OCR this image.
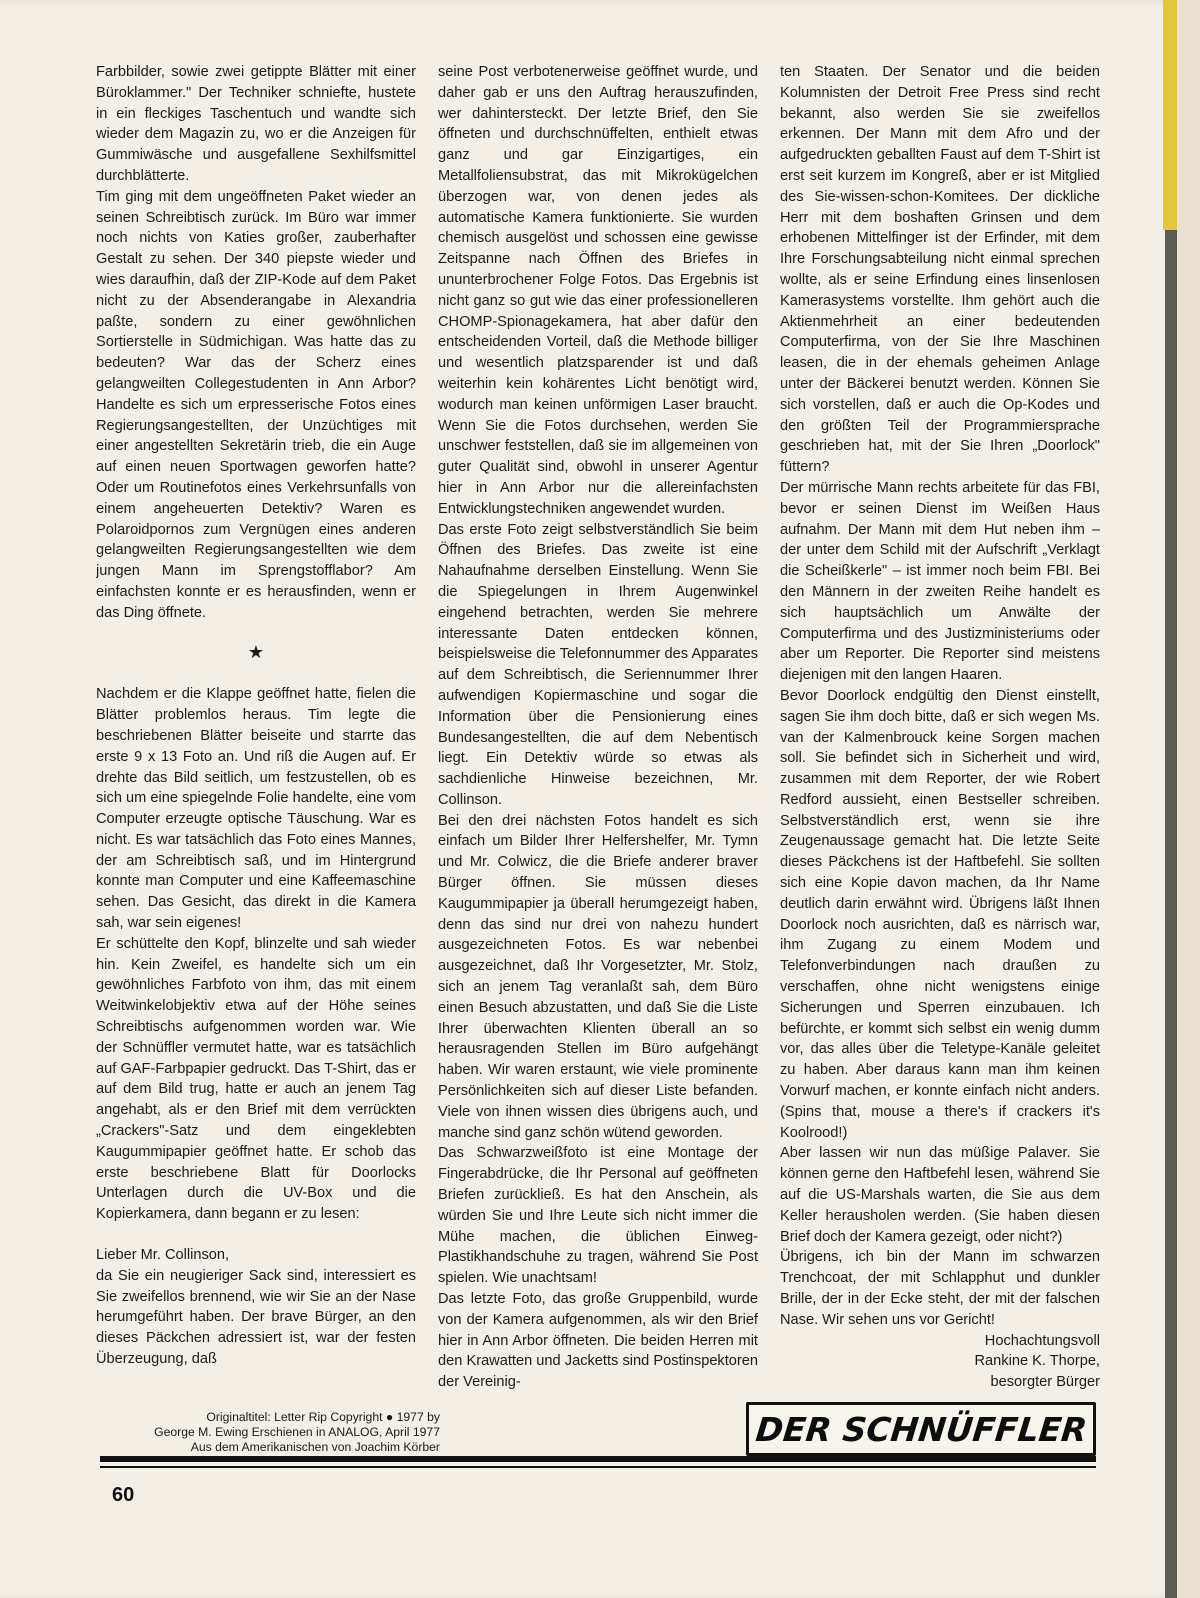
Farbbilder, sowie zwei getippte Blätter mit einer Büroklammer." Der Techniker schniefte, hustete in ein fleckiges Taschentuch und wandte sich wieder dem Magazin zu, wo er die Anzeigen für Gummiwäsche und ausgefallene Sexhilfsmittel durchblätterte.

Tim ging mit dem ungeöffneten Paket wieder an seinen Schreibtisch zurück. Im Büro war immer noch nichts von Katies großer, zauberhafter Gestalt zu sehen. Der 340 piepste wieder und wies daraufhin, daß der ZIP-Kode auf dem Paket nicht zu der Absenderangabe in Alexandria paßte, sondern zu einer gewöhnlichen Sortierstelle in Südmichigan. Was hatte das zu bedeuten? War das der Scherz eines gelangweilten Collegestudenten in Ann Arbor? Handelte es sich um erpresserische Fotos eines Regierungsangestellten, der Unzüchtiges mit einer angestellten Sekretärin trieb, die ein Auge auf einen neuen Sportwagen geworfen hatte? Oder um Routinefotos eines Verkehrsunfalls von einem angeheuerten Detektiv? Waren es Polaroidpornos zum Vergnügen eines anderen gelangweilten Regierungsangestellten wie dem jungen Mann im Sprengstofflabor? Am einfachsten konnte er es herausfinden, wenn er das Ding öffnete.

★

Nachdem er die Klappe geöffnet hatte, fielen die Blätter problemlos heraus. Tim legte die beschriebenen Blätter beiseite und starrte das erste 9 x 13 Foto an. Und riß die Augen auf. Er drehte das Bild seitlich, um festzustellen, ob es sich um eine spiegelnde Folie handelte, eine vom Computer erzeugte optische Täuschung. War es nicht. Es war tatsächlich das Foto eines Mannes, der am Schreibtisch saß, und im Hintergrund konnte man Computer und eine Kaffeemaschine sehen. Das Gesicht, das direkt in die Kamera sah, war sein eigenes!

Er schüttelte den Kopf, blinzelte und sah wieder hin. Kein Zweifel, es handelte sich um ein gewöhnliches Farbfoto von ihm, das mit einem Weitwinkelobjektiv etwa auf der Höhe seines Schreibtischs aufgenommen worden war. Wie der Schnüffler vermutet hatte, war es tatsächlich auf GAF-Farbpapier gedruckt. Das T-Shirt, das er auf dem Bild trug, hatte er auch an jenem Tag angehabt, als er den Brief mit dem verrückten „Crackers"-Satz und dem eingeklebten Kaugummipapier geöffnet hatte. Er schob das erste beschriebene Blatt für Doorlocks Unterlagen durch die UV-Box und die Kopierkamera, dann begann er zu lesen:

Lieber Mr. Collinson,

da Sie ein neugieriger Sack sind, interessiert es Sie zweifellos brennend, wie wir Sie an der Nase herumgeführt haben. Der brave Bürger, an den dieses Päckchen adressiert ist, war der festen Überzeugung, daß

seine Post verbotenerweise geöffnet wurde, und daher gab er uns den Auftrag herauszufinden, wer dahintersteckt. Der letzte Brief, den Sie öffneten und durchschnüffelten, enthielt etwas ganz und gar Einzigartiges, ein Metallfoliensubstrat, das mit Mikrokügelchen überzogen war, von denen jedes als automatische Kamera funktionierte. Sie wurden chemisch ausgelöst und schossen eine gewisse Zeitspanne nach Öffnen des Briefes in ununterbrochener Folge Fotos. Das Ergebnis ist nicht ganz so gut wie das einer professionelleren CHOMP-Spionagekamera, hat aber dafür den entscheidenden Vorteil, daß die Methode billiger und wesentlich platzsparender ist und daß weiterhin kein kohärentes Licht benötigt wird, wodurch man keinen unförmigen Laser braucht. Wenn Sie die Fotos durchsehen, werden Sie unschwer feststellen, daß sie im allgemeinen von guter Qualität sind, obwohl in unserer Agentur hier in Ann Arbor nur die allereinfachsten Entwicklungstechniken angewendet wurden.

Das erste Foto zeigt selbstverständlich Sie beim Öffnen des Briefes. Das zweite ist eine Nahaufnahme derselben Einstellung. Wenn Sie die Spiegelungen in Ihrem Augenwinkel eingehend betrachten, werden Sie mehrere interessante Daten entdecken können, beispielsweise die Telefonnummer des Apparates auf dem Schreibtisch, die Seriennummer Ihrer aufwendigen Kopiermaschine und sogar die Information über die Pensionierung eines Bundesangestellten, die auf dem Nebentisch liegt. Ein Detektiv würde so etwas als sachdienliche Hinweise bezeichnen, Mr. Collinson.

Bei den drei nächsten Fotos handelt es sich einfach um Bilder Ihrer Helfershelfer, Mr. Tymn und Mr. Colwicz, die die Briefe anderer braver Bürger öffnen. Sie müssen dieses Kaugummipapier ja überall herumgezeigt haben, denn das sind nur drei von nahezu hundert ausgezeichneten Fotos. Es war nebenbei ausgezeichnet, daß Ihr Vorgesetzter, Mr. Stolz, sich an jenem Tag veranlaßt sah, dem Büro einen Besuch abzustatten, und daß Sie die Liste Ihrer überwachten Klienten überall an so herausragenden Stellen im Büro aufgehängt haben. Wir waren erstaunt, wie viele prominente Persönlichkeiten sich auf dieser Liste befanden. Viele von ihnen wissen dies übrigens auch, und manche sind ganz schön wütend geworden.

Das Schwarzweißfoto ist eine Montage der Fingerabdrücke, die Ihr Personal auf geöffneten Briefen zurückließ. Es hat den Anschein, als würden Sie und Ihre Leute sich nicht immer die Mühe machen, die üblichen Einweg-Plastikhandschuhe zu tragen, während Sie Post spielen. Wie unachtsam!

Das letzte Foto, das große Gruppenbild, wurde von der Kamera aufgenommen, als wir den Brief hier in Ann Arbor öffneten. Die beiden Herren mit den Krawatten und Jacketts sind Postinspektoren der Vereinig-

ten Staaten. Der Senator und die beiden Kolumnisten der Detroit Free Press sind recht bekannt, also werden Sie sie zweifellos erkennen. Der Mann mit dem Afro und der aufgedruckten geballten Faust auf dem T-Shirt ist erst seit kurzem im Kongreß, aber er ist Mitglied des Sie-wissen-schon-Komitees. Der dickliche Herr mit dem boshaften Grinsen und dem erhobenen Mittelfinger ist der Erfinder, mit dem Ihre Forschungsabteilung nicht einmal sprechen wollte, als er seine Erfindung eines linsenlosen Kamerasystems vorstellte. Ihm gehört auch die Aktienmehrheit an einer bedeutenden Computerfirma, von der Sie Ihre Maschinen leasen, die in der ehemals geheimen Anlage unter der Bäckerei benutzt werden. Können Sie sich vorstellen, daß er auch die Op-Kodes und den größten Teil der Programmiersprache geschrieben hat, mit der Sie Ihren „Doorlock" füttern?

Der mürrische Mann rechts arbeitete für das FBI, bevor er seinen Dienst im Weißen Haus aufnahm. Der Mann mit dem Hut neben ihm – der unter dem Schild mit der Aufschrift „Verklagt die Scheißkerle" – ist immer noch beim FBI. Bei den Männern in der zweiten Reihe handelt es sich hauptsächlich um Anwälte der Computerfirma und des Justizministeriums oder aber um Reporter. Die Reporter sind meistens diejenigen mit den langen Haaren.

Bevor Doorlock endgültig den Dienst einstellt, sagen Sie ihm doch bitte, daß er sich wegen Ms. van der Kalmenbrouck keine Sorgen machen soll. Sie befindet sich in Sicherheit und wird, zusammen mit dem Reporter, der wie Robert Redford aussieht, einen Bestseller schreiben. Selbstverständlich erst, wenn sie ihre Zeugenaussage gemacht hat. Die letzte Seite dieses Päckchens ist der Haftbefehl. Sie sollten sich eine Kopie davon machen, da Ihr Name deutlich darin erwähnt wird. Übrigens läßt Ihnen Doorlock noch ausrichten, daß es närrisch war, ihm Zugang zu einem Modem und Telefonverbindungen nach draußen zu verschaffen, ohne nicht wenigstens einige Sicherungen und Sperren einzubauen. Ich befürchte, er kommt sich selbst ein wenig dumm vor, das alles über die Teletype-Kanäle geleitet zu haben. Aber daraus kann man ihm keinen Vorwurf machen, er konnte einfach nicht anders. (Spins that, mouse a there's if crackers it's Koolrood!)

Aber lassen wir nun das müßige Palaver. Sie können gerne den Haftbefehl lesen, während Sie auf die US-Marshals warten, die Sie aus dem Keller herausholen werden. (Sie haben diesen Brief doch der Kamera gezeigt, oder nicht?)

Übrigens, ich bin der Mann im schwarzen Trenchcoat, der mit Schlapphut und dunkler Brille, der in der Ecke steht, der mit der falschen Nase. Wir sehen uns vor Gericht!

Hochachtungsvoll

Rankine K. Thorpe,

besorgter Bürger

Originaltitel: Letter Rip Copyright ● 1977 by
George M. Ewing Erschienen in ANALOG, April 1977
Aus dem Amerikanischen von Joachim Körber	DER SCHNÜFFLER
60
